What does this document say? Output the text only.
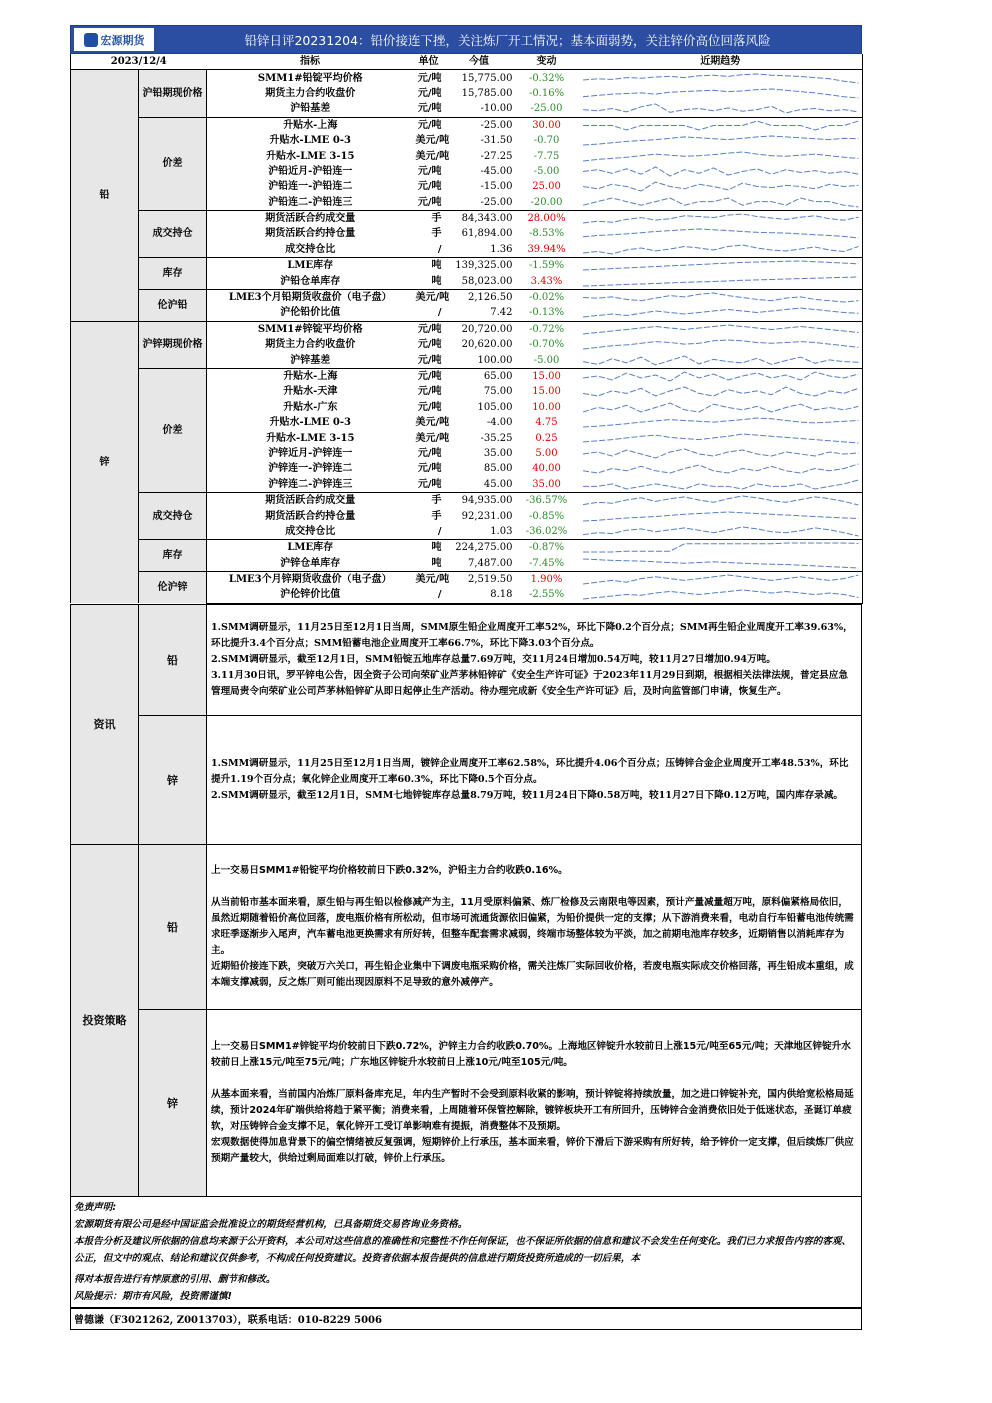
宏源期货	铅锌日评20231204：铅价接连下挫，关注炼厂开工情况；基本面弱势，关注锌价高位回落风险
2023/12/4		指标	单位	今值	变动	近期趋势
铅	沪铅期现价格	SMM1#铅锭平均价格	元/吨	15,775.00	-0.32%	

		期货主力合约收盘价	元/吨	15,785.00	-0.16%	

		沪铅基差	元/吨	-10.00	-25.00	

	价差	升贴水-上海	元/吨	-25.00	30.00	

		升贴水-LME 0-3	美元/吨	-31.50	-0.70	

		升贴水-LME 3-15	美元/吨	-27.25	-7.75	

		沪铅近月-沪铅连一	元/吨	-45.00	-5.00	

		沪铅连一-沪铅连二	元/吨	-15.00	25.00	

		沪铅连二-沪铅连三	元/吨	-25.00	-20.00	

	成交持仓	期货活跃合约成交量	手	84,343.00	28.00%	

		期货活跃合约持仓量	手	61,894.00	-8.53%	

		成交持仓比	/	1.36	39.94%	

	库存	LME库存	吨	139,325.00	-1.59%	

		沪铅仓单库存	吨	58,023.00	3.43%	

	伦沪铅	LME3个月铅期货收盘价（电子盘）	美元/吨	2,126.50	-0.02%	

		沪伦铅价比值	/	7.42	-0.13%	

锌	沪锌期现价格	SMM1#锌锭平均价格	元/吨	20,720.00	-0.72%	

		期货主力合约收盘价	元/吨	20,620.00	-0.70%	

		沪锌基差	元/吨	100.00	-5.00	

	价差	升贴水-上海	元/吨	65.00	15.00	

		升贴水-天津	元/吨	75.00	15.00	

		升贴水-广东	元/吨	105.00	10.00	

		升贴水-LME 0-3	美元/吨	-4.00	4.75	

		升贴水-LME 3-15	美元/吨	-35.25	0.25	

		沪锌近月-沪锌连一	元/吨	35.00	5.00	

		沪锌连一-沪锌连二	元/吨	85.00	40.00	

		沪锌连二-沪锌连三	元/吨	45.00	35.00	

	成交持仓	期货活跃合约成交量	手	94,935.00	-36.57%	

		期货活跃合约持仓量	手	92,231.00	-0.85%	

		成交持仓比	/	1.03	-36.02%	

	库存	LME库存	吨	224,275.00	-0.87%	

		沪锌仓单库存	吨	7,487.00	-7.45%	

	伦沪锌	LME3个月锌期货收盘价（电子盘）	美元/吨	2,519.50	1.90%	

		沪伦锌价比值	/	8.18	-2.55%	
资讯	铅	1.SMM调研显示，11月25日至12月1日当周，SMM原生铅企业周度开工率52%，环比下降0.2个百分点；SMM再生铅企业周度开工率39.63%，环比提升3.4个百分点；SMM铅蓄电池企业周度开工率66.7%，环比下降3.03个百分点。

2.SMM调研显示，截至12月1日，SMM铅锭五地库存总量7.69万吨，交11月24日增加0.54万吨，较11月27日增加0.94万吨。

3.11月30日讯，罗平锌电公告，因全资子公司向荣矿业芦茅林铅锌矿《安全生产许可证》于2023年11月29日到期，根据相关法律法规，普定县应急管理局责令向荣矿业公司芦茅林铅锌矿从即日起停止生产活动。待办理完成新《安全生产许可证》后，及时向监管部门申请，恢复生产。

	锌	1.SMM调研显示，11月25日至12月1日当周，镀锌企业周度开工率62.58%，环比提升4.06个百分点；压铸锌合金企业周度开工率48.53%，环比提升1.19个百分点；氧化锌企业周度开工率60.3%，环比下降0.5个百分点。

2.SMM调研显示，截至12月1日，SMM七地锌锭库存总量8.79万吨，较11月24日下降0.58万吨，较11月27日下降0.12万吨，国内库存录减。

投资策略	铅	上一交易日SMM1#铅锭平均价格较前日下跌0.32%，沪铅主力合约收跌0.16%。

从当前铅市基本面来看，原生铅与再生铅以检修减产为主，11月受原料偏紧、炼厂检修及云南限电等因素，预计产量减量超万吨，原料偏紧格局依旧，虽然近期随着铅价高位回落，废电瓶价格有所松动，但市场可流通货源依旧偏紧，为铅价提供一定的支撑；从下游消费来看，电动自行车铅蓄电池传统需求旺季逐渐步入尾声，汽车蓄电池更换需求有所好转，但整车配套需求减弱，终端市场整体较为平淡，加之前期电池库存较多，近期销售以消耗库存为主。

近期铅价接连下跌，突破万六关口，再生铅企业集中下调废电瓶采购价格，需关注炼厂实际回收价格，若废电瓶实际成交价格回落，再生铅成本重组，成本端支撑减弱，反之炼厂则可能出现因原料不足导致的意外减停产。

	锌	上一交易日SMM1#锌锭平均价较前日下跌0.72%，沪锌主力合约收跌0.70%。上海地区锌锭升水较前日上涨15元/吨至65元/吨；天津地区锌锭升水较前日上涨15元/吨至75元/吨；广东地区锌锭升水较前日上涨10元/吨至105元/吨。

从基本面来看，当前国内冶炼厂原料备库充足，年内生产暂时不会受到原料收紧的影响，预计锌锭将持续放量，加之进口锌锭补充，国内供给宽松格局延续，预计2024年矿端供给将趋于紧平衡；消费来看，上周随着环保管控解除，镀锌板块开工有所回升，压铸锌合金消费依旧处于低迷状态，圣诞订单疲软，对压铸锌合金支撑不足，氧化锌开工受订单影响难有提振，消费整体不及预期。

宏观数据使得加息背景下的偏空情绪被反复强调，短期锌价上行承压，基本面来看，锌价下滑后下游采购有所好转，给予锌价一定支撑，但后续炼厂供应预期产量较大，供给过剩局面难以打破，锌价上行承压。

免责声明:

宏源期货有限公司是经中国证监会批准设立的期货经营机构，已具备期货交易咨询业务资格。

本报告分析及建议所依据的信息均来源于公开资料，本公司对这些信息的准确性和完整性不作任何保证，也不保证所依据的信息和建议不会发生任何变化。我们已力求报告内容的客观、公正，但文中的观点、结论和建议仅供参考，不构成任何投资建议。投资者依据本报告提供的信息进行期货投资所造成的一切后果，本

得对本报告进行有悖原意的引用、删节和修改。

风险提示：期市有风险，投资需谨慎!

曾德谦（F3021262, Z0013703），联系电话：010-8229 5006
